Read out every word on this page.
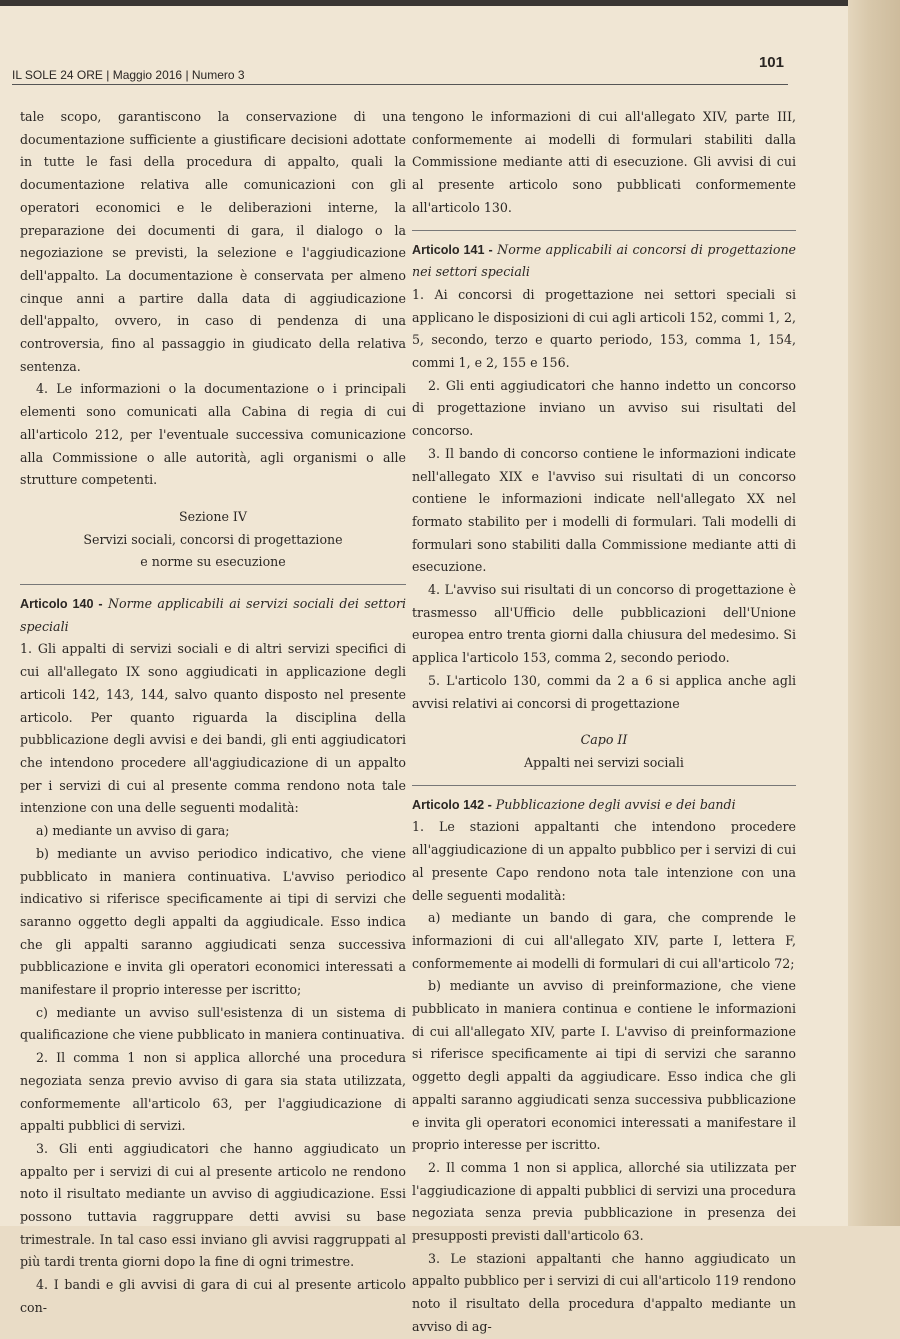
IL SOLE 24 ORE | Maggio 2016 | Numero 3
101

tale scopo, garantiscono la conservazione di una documentazione sufficiente a giustificare decisioni adottate in tutte le fasi della procedura di appalto, quali la documentazione relativa alle comunicazioni con gli operatori economici e le deliberazioni interne, la preparazione dei documenti di gara, il dialogo o la negoziazione se previsti, la selezione e l'aggiudicazione dell'appalto. La documentazione è conservata per almeno cinque anni a partire dalla data di aggiudicazione dell'appalto, ovvero, in caso di pendenza di una controversia, fino al passaggio in giudicato della relativa sentenza.

4. Le informazioni o la documentazione o i principali elementi sono comunicati alla Cabina di regia di cui all'articolo 212, per l'eventuale successiva comunicazione alla Commissione o alle autorità, agli organismi o alle strutture competenti.

Sezione IV
Servizi sociali, concorsi di progettazione
e norme su esecuzione
Articolo 140 - Norme applicabili ai servizi sociali dei settori speciali

1. Gli appalti di servizi sociali e di altri servizi specifici di cui all'allegato IX sono aggiudicati in applicazione degli articoli 142, 143, 144, salvo quanto disposto nel presente articolo. Per quanto riguarda la disciplina della pubblicazione degli avvisi e dei bandi, gli enti aggiudicatori che intendono procedere all'aggiudicazione di un appalto per i servizi di cui al presente comma rendono nota tale intenzione con una delle seguenti modalità:

a) mediante un avviso di gara;

b) mediante un avviso periodico indicativo, che viene pubblicato in maniera continuativa. L'avviso periodico indicativo si riferisce specificamente ai tipi di servizi che saranno oggetto degli appalti da aggiudicale. Esso indica che gli appalti saranno aggiudicati senza successiva pubblicazione e invita gli operatori economici interessati a manifestare il proprio interesse per iscritto;

c) mediante un avviso sull'esistenza di un sistema di qualificazione che viene pubblicato in maniera continuativa.

2. Il comma 1 non si applica allorché una procedura negoziata senza previo avviso di gara sia stata utilizzata, conformemente all'articolo 63, per l'aggiudicazione di appalti pubblici di servizi.

3. Gli enti aggiudicatori che hanno aggiudicato un appalto per i servizi di cui al presente articolo ne rendono noto il risultato mediante un avviso di aggiudicazione. Essi possono tuttavia raggruppare detti avvisi su base trimestrale. In tal caso essi inviano gli avvisi raggruppati al più tardi trenta giorni dopo la fine di ogni trimestre.

4. I bandi e gli avvisi di gara di cui al presente articolo con-

tengono le informazioni di cui all'allegato XIV, parte III, conformemente ai modelli di formulari stabiliti dalla Commissione mediante atti di esecuzione. Gli avvisi di cui al presente articolo sono pubblicati conformemente all'articolo 130.

Articolo 141 - Norme applicabili ai concorsi di progettazione nei settori speciali

1. Ai concorsi di progettazione nei settori speciali si applicano le disposizioni di cui agli articoli 152, commi 1, 2, 5, secondo, terzo e quarto periodo, 153, comma 1, 154, commi 1, e 2, 155 e 156.

2. Gli enti aggiudicatori che hanno indetto un concorso di progettazione inviano un avviso sui risultati del concorso.

3. Il bando di concorso contiene le informazioni indicate nell'allegato XIX e l'avviso sui risultati di un concorso contiene le informazioni indicate nell'allegato XX nel formato stabilito per i modelli di formulari. Tali modelli di formulari sono stabiliti dalla Commissione mediante atti di esecuzione.

4. L'avviso sui risultati di un concorso di progettazione è trasmesso all'Ufficio delle pubblicazioni dell'Unione europea entro trenta giorni dalla chiusura del medesimo. Si applica l'articolo 153, comma 2, secondo periodo.

5. L'articolo 130, commi da 2 a 6 si applica anche agli avvisi relativi ai concorsi di progettazione

Capo II
Appalti nei servizi sociali
Articolo 142 - Pubblicazione degli avvisi e dei bandi

1. Le stazioni appaltanti che intendono procedere all'aggiudicazione di un appalto pubblico per i servizi di cui al presente Capo rendono nota tale intenzione con una delle seguenti modalità:

a) mediante un bando di gara, che comprende le informazioni di cui all'allegato XIV, parte I, lettera F, conformemente ai modelli di formulari di cui all'articolo 72;

b) mediante un avviso di preinformazione, che viene pubblicato in maniera continua e contiene le informazioni di cui all'allegato XIV, parte I. L'avviso di preinformazione si riferisce specificamente ai tipi di servizi che saranno oggetto degli appalti da aggiudicare. Esso indica che gli appalti saranno aggiudicati senza successiva pubblicazione e invita gli operatori economici interessati a manifestare il proprio interesse per iscritto.

2. Il comma 1 non si applica, allorché sia utilizzata per l'aggiudicazione di appalti pubblici di servizi una procedura negoziata senza previa pubblicazione in presenza dei presupposti previsti dall'articolo 63.

3. Le stazioni appaltanti che hanno aggiudicato un appalto pubblico per i servizi di cui all'articolo 119 rendono noto il risultato della procedura d'appalto mediante un avviso di ag-
